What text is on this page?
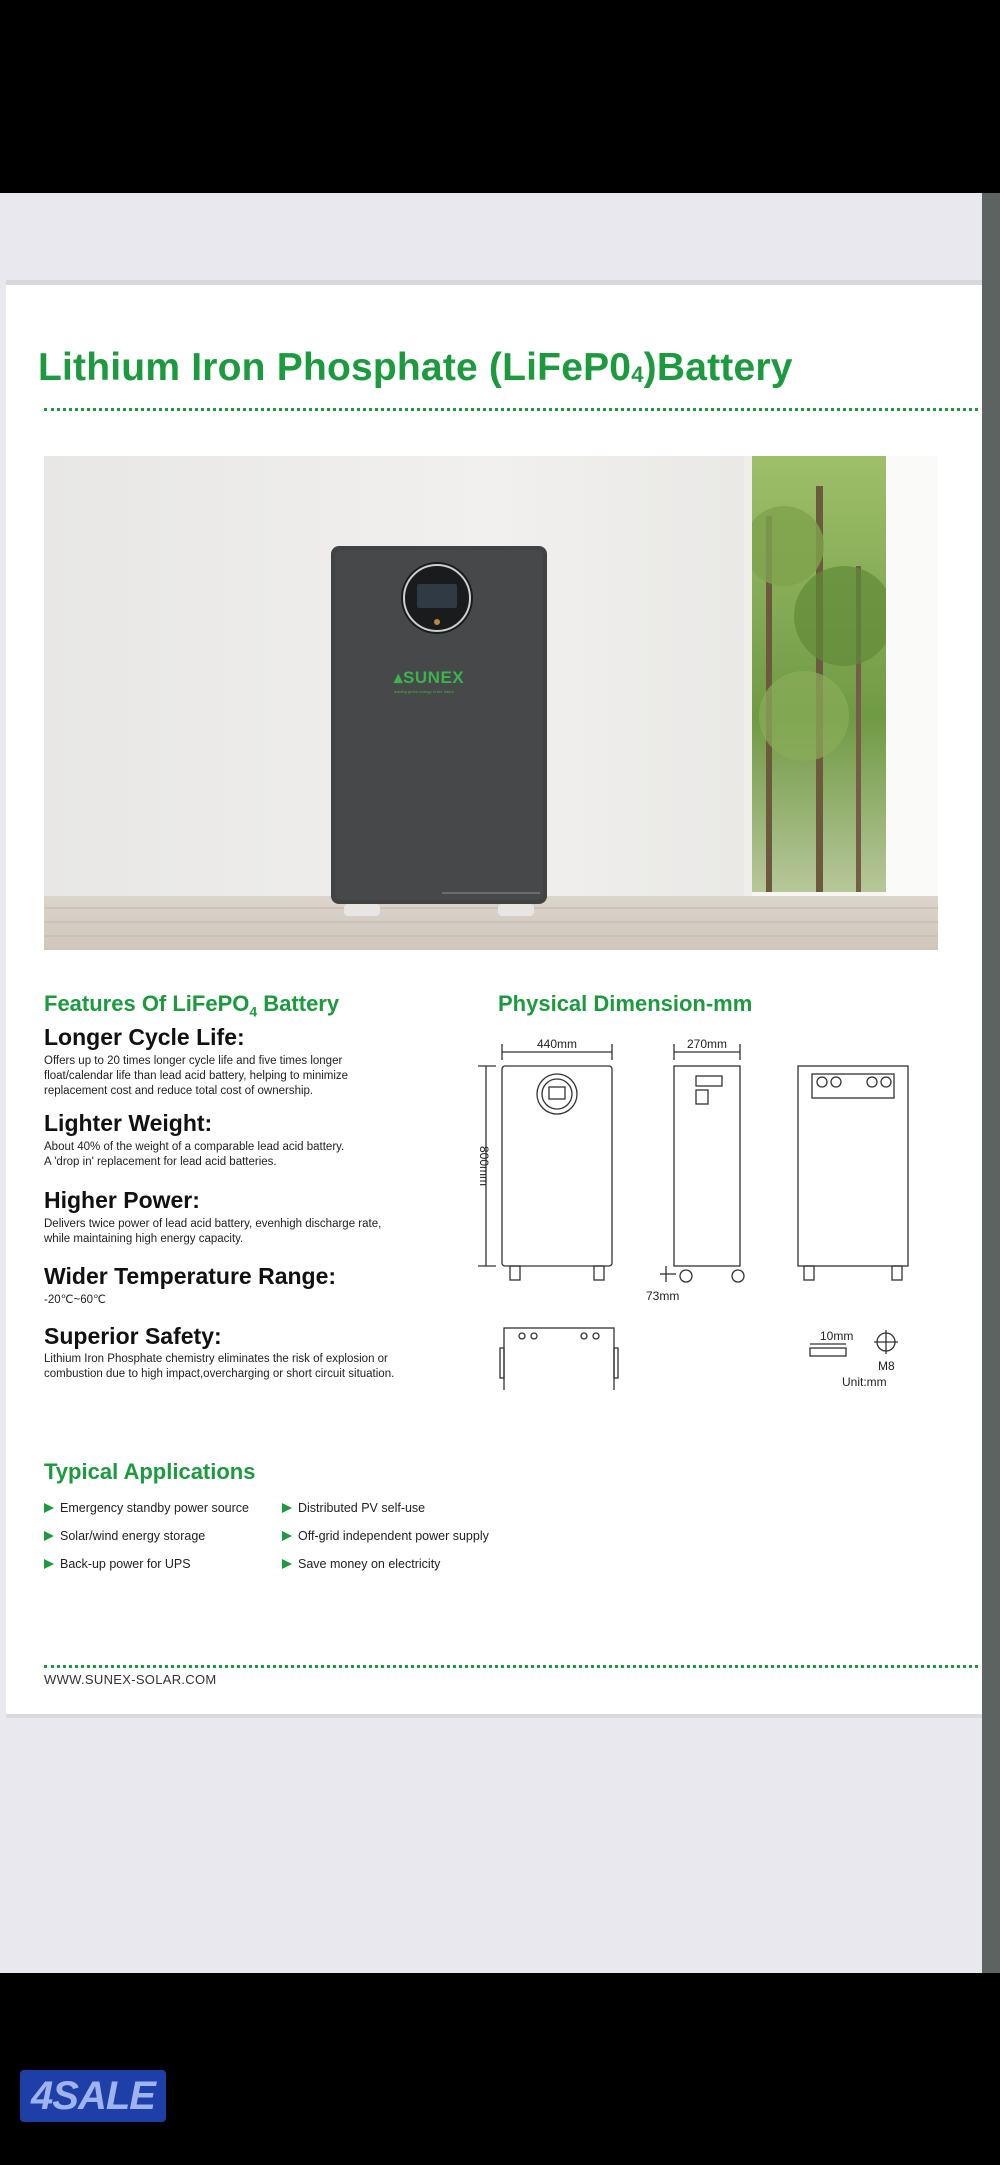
Lithium Iron Phosphate $(LiFeP0_4)Battery$
▴SUNEX
leading green energy in the future
Features Of LiFePO$_4$ Battery
Longer Cycle Life:
Offers up to 20 times longer cycle life and five times longer
float/calendar life than lead acid battery, helping to minimize
replacement cost and reduce total cost of ownership.
Lighter Weight:
About 40% of the weight of a comparable lead acid battery.
A 'drop in' replacement for lead acid batteries.
Higher Power:
Delivers twice power of lead acid battery, evenhigh discharge rate,
while maintaining high energy capacity.
Wider Temperature Range:
-20℃~60℃
Superior Safety:
Lithium Iron Phosphate chemistry eliminates the risk of explosion or
combustion due to high impact,overcharging or short circuit situation.
Physical Dimension-mm
440mm	270mm
800mm
73mm
10mm
M8
Unit:mm
Typical Applications
Emergency standby power source
Solar/wind energy storage
Back-up power for UPS
Distributed PV self-use
Off-grid independent power supply
Save money on electricity
WWW.SUNEX-SOLAR.COM
4SALE
